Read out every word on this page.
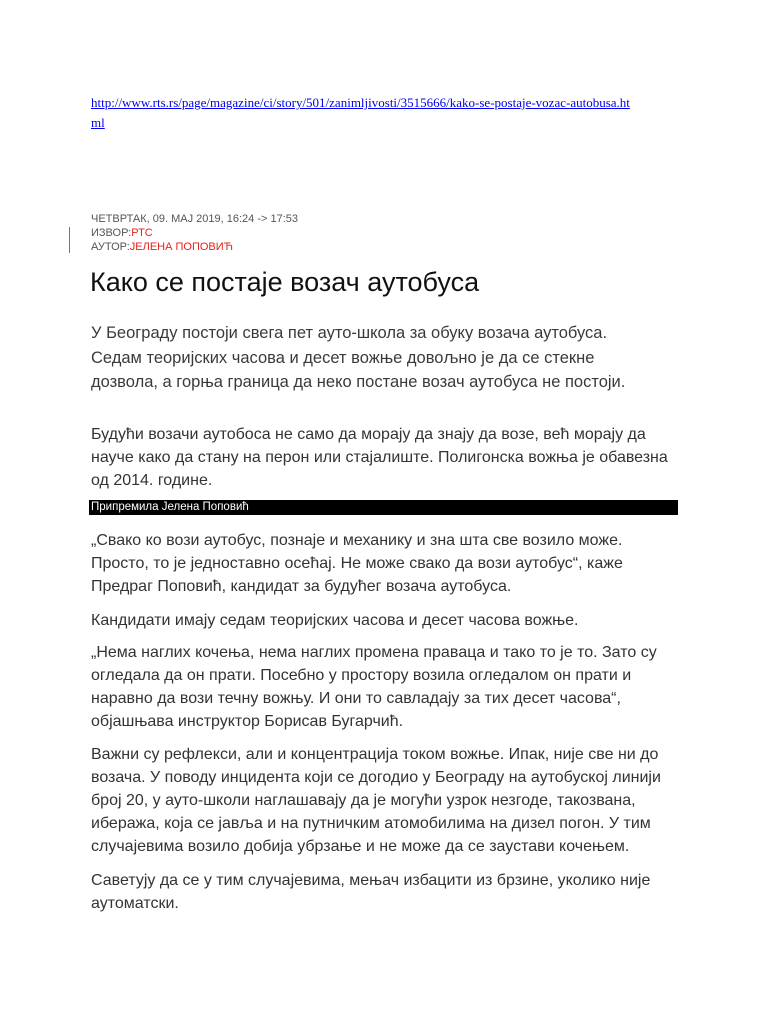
http://www.rts.rs/page/magazine/ci/story/501/zanimljivosti/3515666/kako-se-postaje-vozac-autobusa.html
ЧЕТВРТАК, 09. МАЈ 2019, 16:24 -> 17:53
ИЗВОР:РТС
АУТОР:ЈЕЛЕНА ПОПОВИЋ
Како се постаје возач аутобуса

У Београду постоји свега пет ауто-школа за обуку возача аутобуса. Седам теоријских часова и десет вожње довољно је да се стекне дозвола, а горња граница да неко постане возач аутобуса не постоји.

Будући возачи аутобоса не само да морају да знају да возе, већ морају да науче како да стану на перон или стајалиште. Полигонска вожња је обавезна од 2014. године.

Припремила Јелена Поповић

„Свако ко вози аутобус, познаје и механику и зна шта све возило може. Просто, то је једноставно осећај. Не може свако да вози аутобус“, каже Предраг Поповић, кандидат за будућег возача аутобуса.

Кандидати имају седам теоријских часова и десет часова вожње.

„Нема наглих кочења, нема наглих промена правaца и тако то је то. Зато су огледала да он прати. Посебно у простору возила огледалом он прати и наравно да вози течну вожњу. И они то савладају за тих десет часова“, објашњава инструктор Борисав Бугарчић.

Важни су рефлекси, али и концентрација током вожње. Ипак, није све ни до возача. У поводу инцидента који се догодио у Београду на аутобуској линији број 20, у ауто-школи наглашавају да је могући узрок незгоде, такозвана, ибеража, која се јавља и на путничким атомобилима на дизел погон. У тим случајевима возило добија убрзање и не може да се заустави кочењем.

Саветују да се у тим случајевима, мењач избацити из брзине, уколико није аутоматски.
